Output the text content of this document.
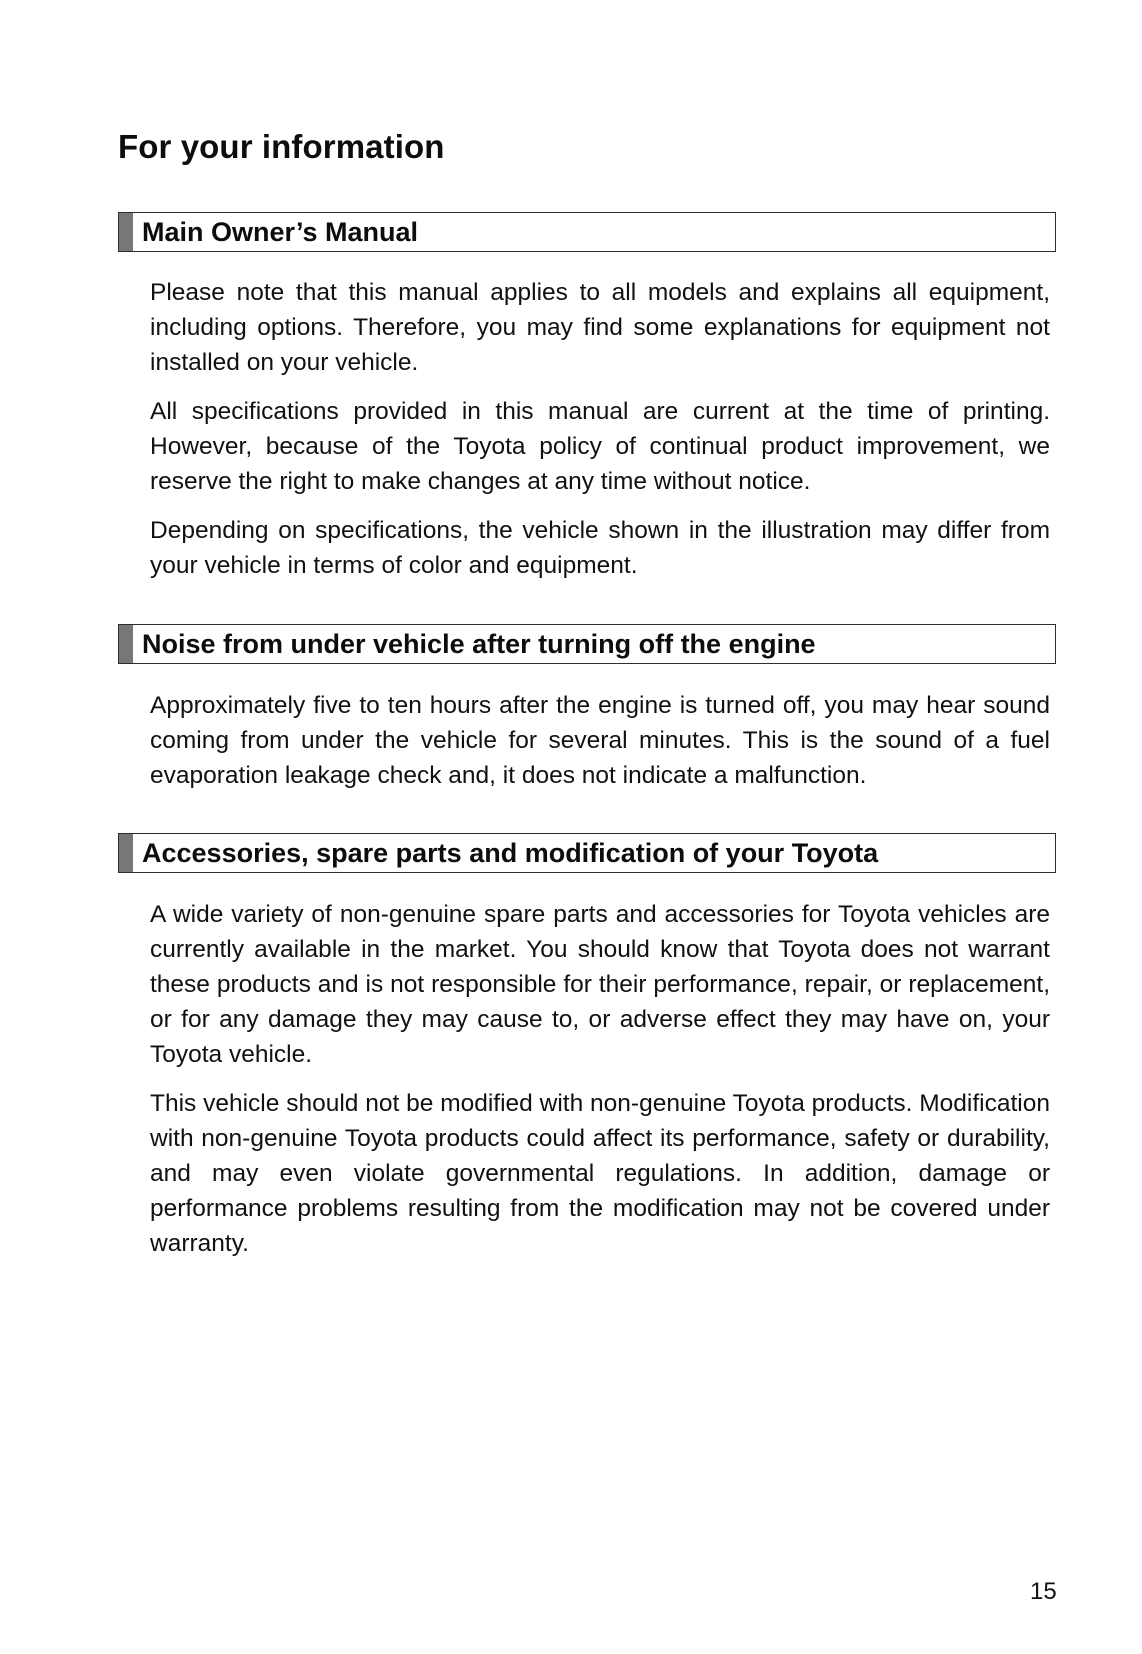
For your information
Main Owner’s Manual

Please note that this manual applies to all models and explains all equipment, including options. Therefore, you may find some explanations for equipment not installed on your vehicle.

All specifications provided in this manual are current at the time of printing. However, because of the Toyota policy of continual product improvement, we reserve the right to make changes at any time without notice.

Depending on specifications, the vehicle shown in the illustration may differ from your vehicle in terms of color and equipment.

Noise from under vehicle after turning off the engine

Approximately five to ten hours after the engine is turned off, you may hear sound coming from under the vehicle for several minutes. This is the sound of a fuel evaporation leakage check and, it does not indicate a malfunction.

Accessories, spare parts and modification of your Toyota

A wide variety of non-genuine spare parts and accessories for Toyota vehicles are currently available in the market. You should know that Toyota does not warrant these products and is not responsible for their performance, repair, or replacement, or for any damage they may cause to, or adverse effect they may have on, your Toyota vehicle.

This vehicle should not be modified with non-genuine Toyota products. Modification with non-genuine Toyota products could affect its performance, safety or durability, and may even violate governmental regulations. In addition, damage or performance problems resulting from the modification may not be covered under warranty.

15
